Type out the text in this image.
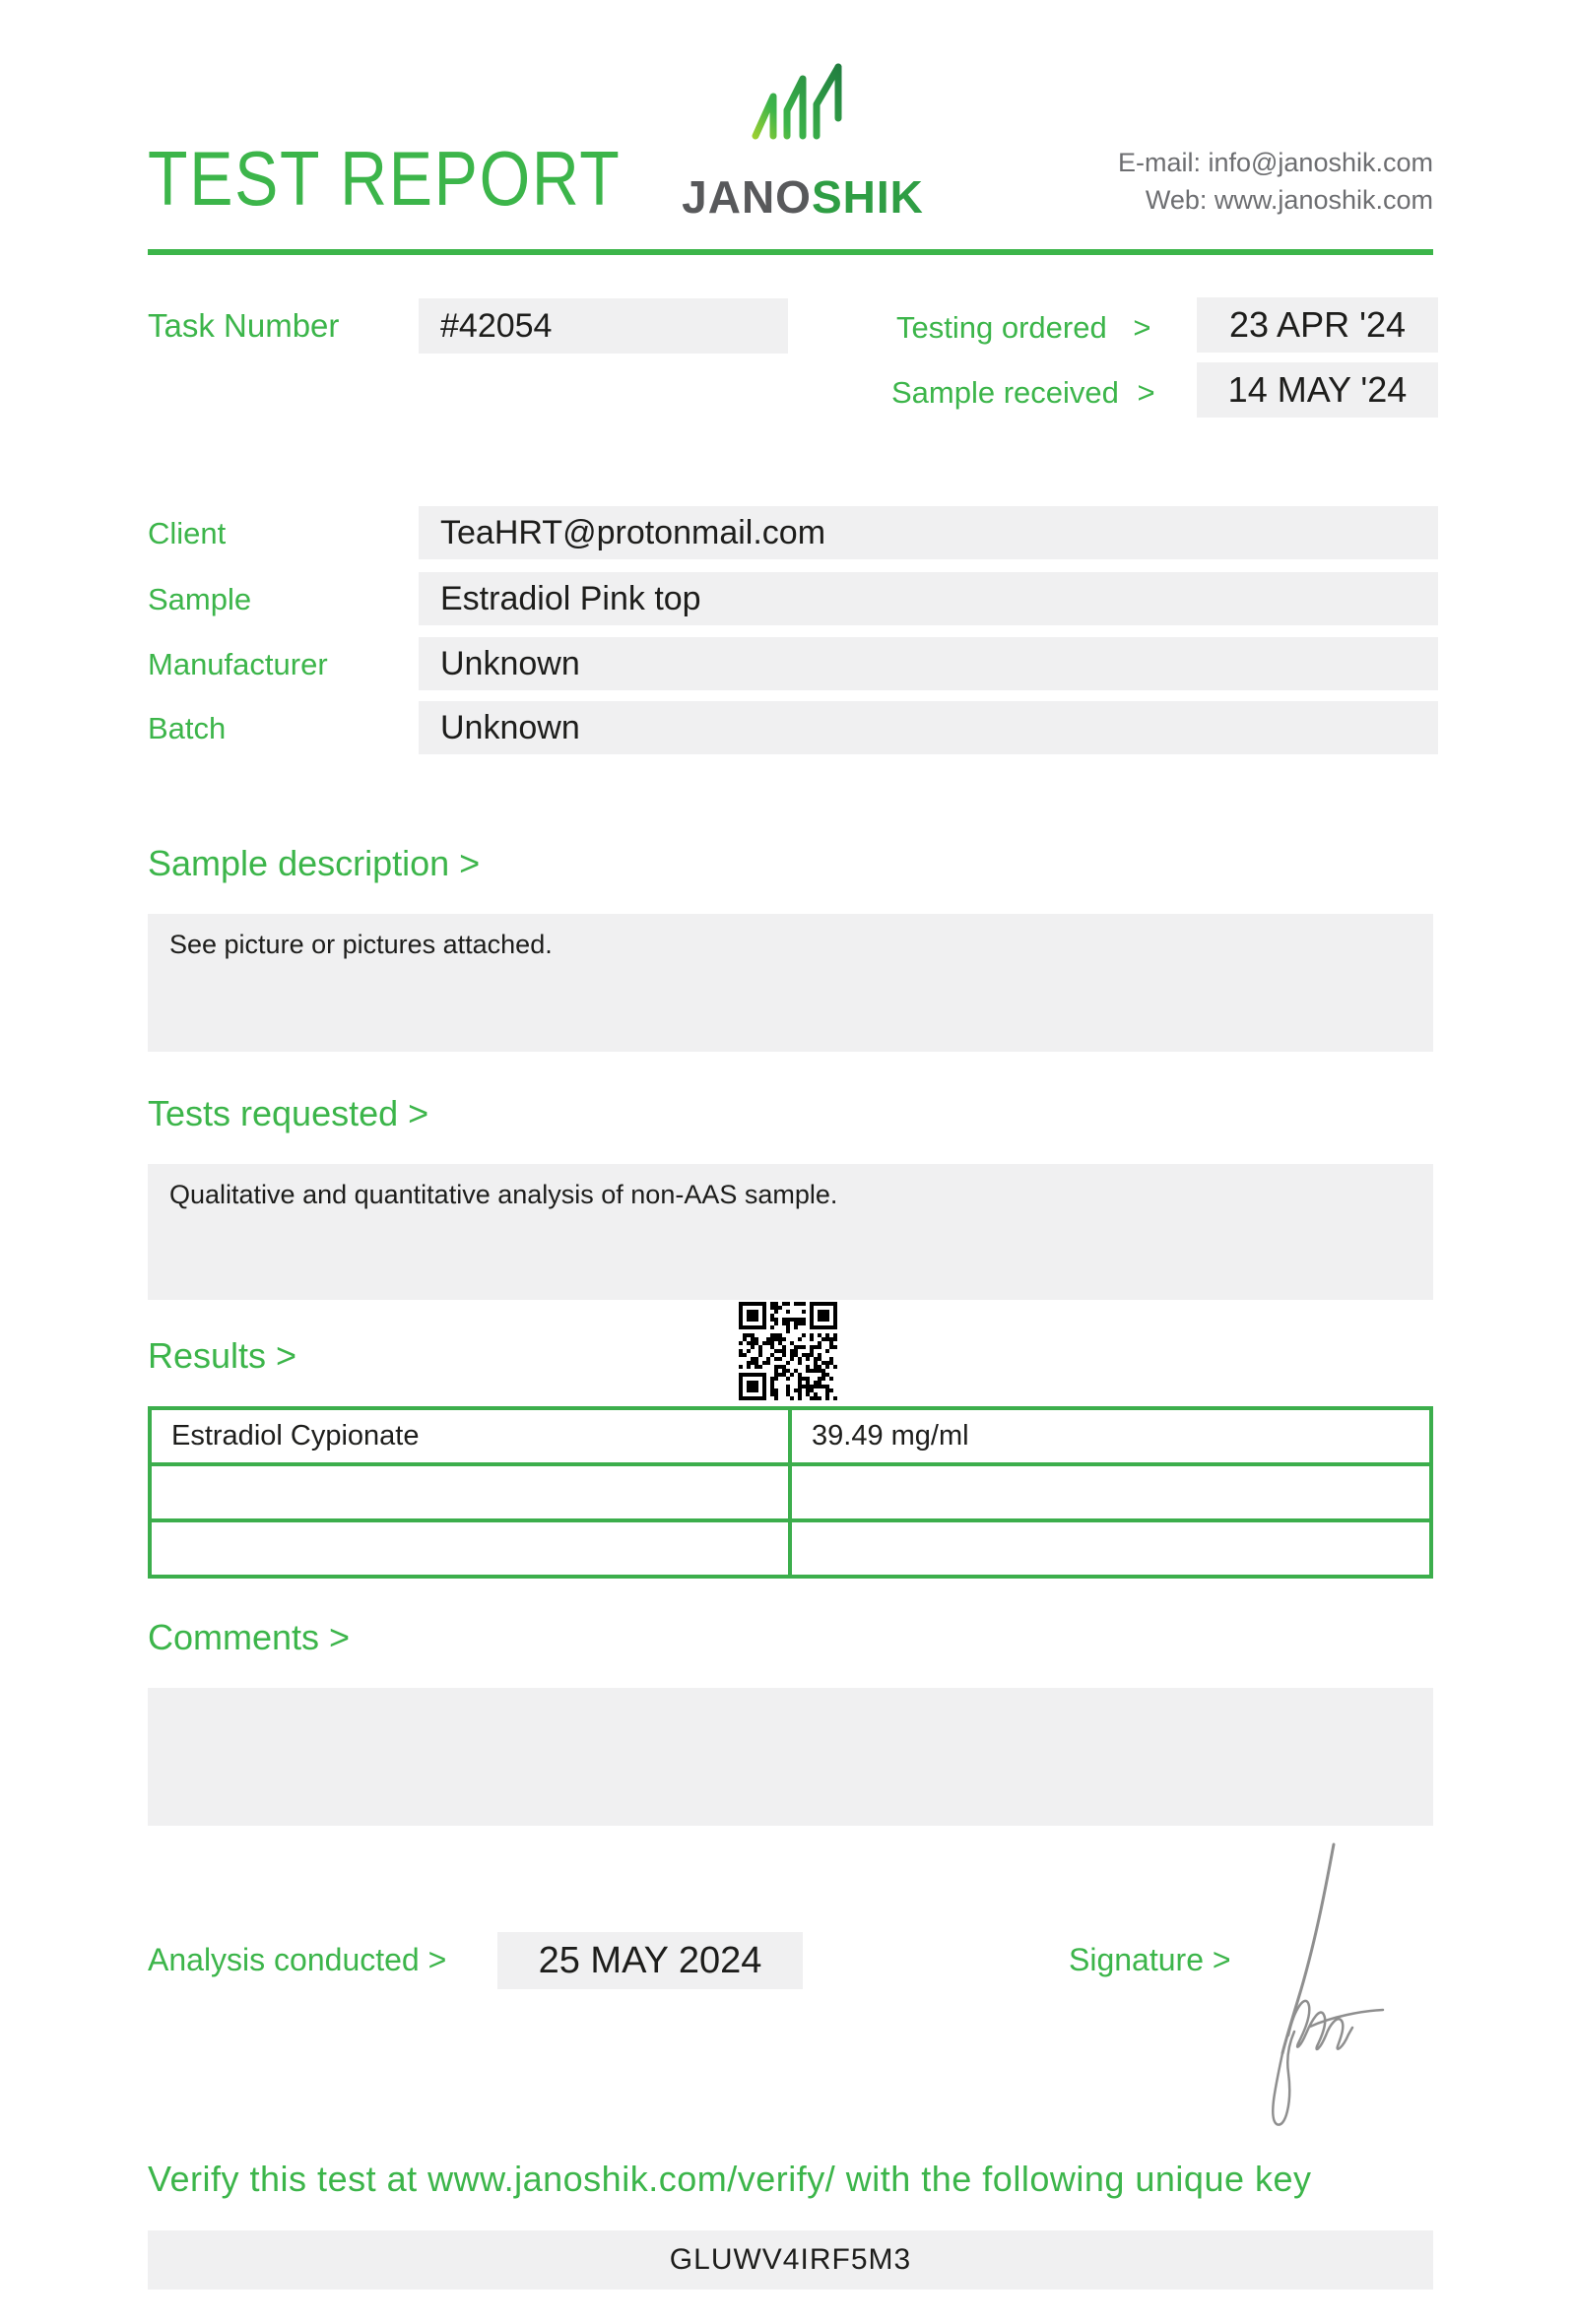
TEST REPORT JANOSHIK
E-mail: info@janoshik.com
Web: www.janoshik.com
Task Number	#42054	Testing ordered >	23 APR '24
Sample received >	14 MAY '24
Client	TeaHRT@protonmail.com
Sample	Estradiol Pink top
Manufacturer	Unknown
Batch	Unknown
Sample description >
See picture or pictures attached.
Tests requested >
Qualitative and quantitative analysis of non-AAS sample.
Results >
Estradiol Cypionate	39.49 mg/ml
Comments >
Analysis conducted >	25 MAY 2024	Signature >
Verify this test at www.janoshik.com/verify/ with the following unique key
GLUWV4IRF5M3
